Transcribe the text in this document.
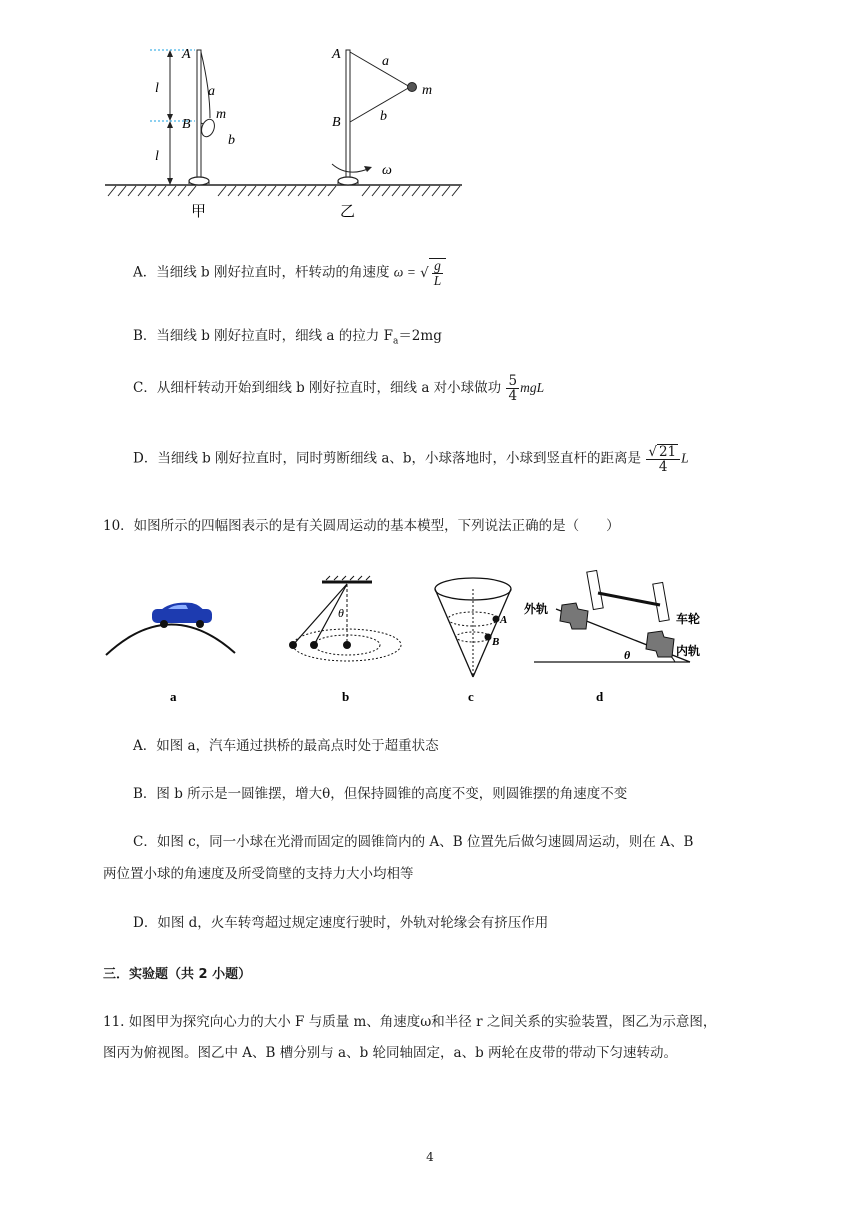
A
B
l
l
a
m
b
甲
A
B
a
b
m
ω
乙
A．当细线 b 刚好拉直时，杆转动的角速度 ω = √ $\frac{g}{L}$
B．当细线 b 刚好拉直时，细线 a 的拉力 $F_a=2mg$
C．从细杆转动开始到细线 b 刚好拉直时，细线 a 对小球做功 $\frac{5}{4}$ mgL
D．当细线 b 刚好拉直时，同时剪断细线 a、b，小球落地时，小球到竖直杆的距离是 $\frac{√ 21}{4}$ L
10．如图所示的四幅图表示的是有关圆周运动的基本模型，下列说法正确的是（　　）
a
θ
b
A
B
c
外轨
车轮
内轨
θ
d
A．如图 a，汽车通过拱桥的最高点时处于超重状态
B．图 b 所示是一圆锥摆，增大θ，但保持圆锥的高度不变，则圆锥摆的角速度不变
C．如图 c，同一小球在光滑而固定的圆锥筒内的 A、B 位置先后做匀速圆周运动，则在 A、B
两位置小球的角速度及所受筒壁的支持力大小均相等
D．如图 d，火车转弯超过规定速度行驶时，外轨对轮缘会有挤压作用
三．实验题（共 2 小题）
11. 如图甲为探究向心力的大小 F 与质量 m、角速度ω和半径 r 之间关系的实验装置，图乙为示意图，
图丙为俯视图。图乙中 A、B 槽分别与 a、b 轮同轴固定，a、b 两轮在皮带的带动下匀速转动。
4
